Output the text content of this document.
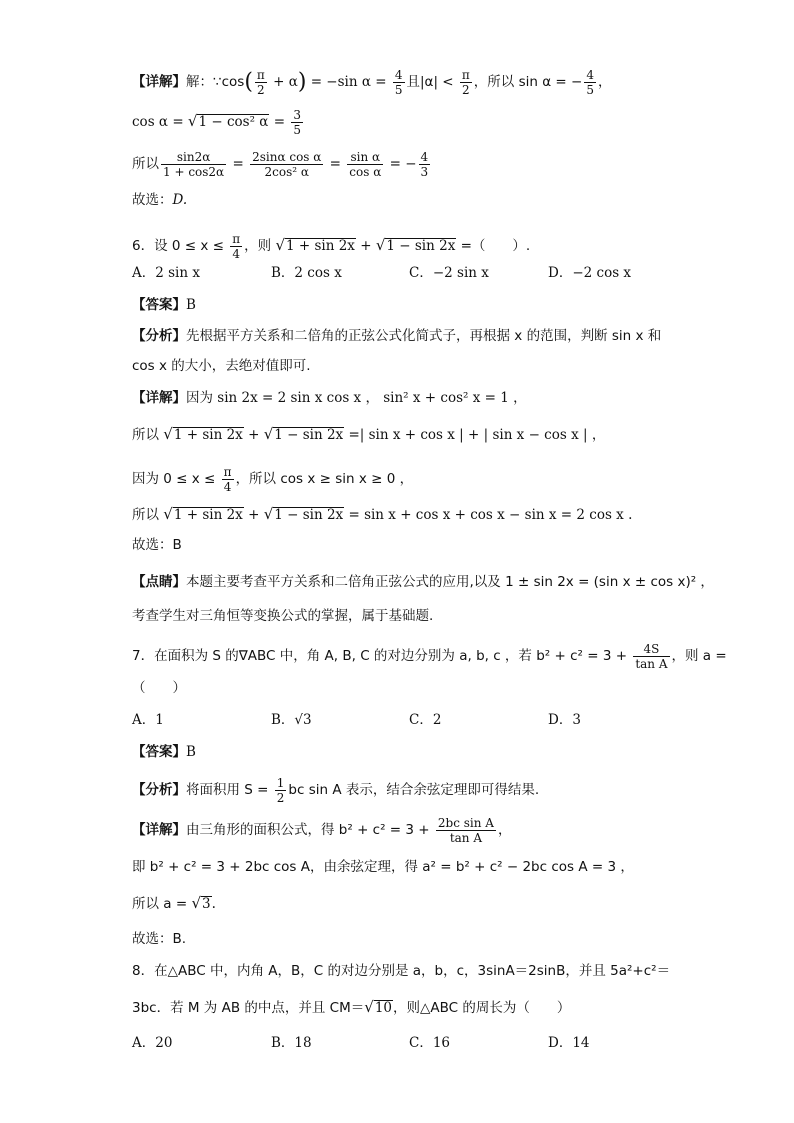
【详解】解：∵cos( $\frac{\pi}{2} + \alpha) = -\sin$ $\alpha = \frac{4}{5}$ 且$|\alpha| < \frac{\pi}{2}$ ，所以 sin α = − $\frac{4}{5}$ ，
cos α = √1 − cos² $\alpha = \frac{3}{5}$
所以 $\frac{\sin 2\alpha}{1 + \cos 2\alpha} = \frac{\text{2sinα cos α}}{\text{2cos² α}} = \frac{\text{sin α}}{\text{cos α}}$ = − $\frac{4}{3}$
故选：D.
6．设 $0 \le x \le \frac{\pi}{4}$ ，则 √1 + sin 2x + √1 − sin 2x =（　　）.
A．2 sin x	B．2 cos x	C．−2 sin x	D．−2 cos x
【答案】B
【分析】先根据平方关系和二倍角的正弦公式化简式子，再根据 x 的范围，判断 sin x 和
cos x 的大小，去绝对值即可.
【详解】因为 sin 2x = 2 sin x cos x ， sin² x + cos² x = 1 ，
所以 √1 + sin 2x + √1 − sin 2x =| sin x + cos x | + | sin x − cos x | ，
因为 $0 \le x \le \frac{\pi}{4}$ ，所以 cos x ≥ sin x ≥ 0 ，
所以 √1 + sin 2x + √1 − sin 2x = sin x + cos x + cos x − sin x = 2 cos x .
故选：B
【点睛】本题主要考查平方关系和二倍角正弦公式的应用,以及 1 ± sin 2x = (sin x ± cos x)² ，
考查学生对三角恒等变换公式的掌握，属于基础题.
7．在面积为 S 的∇ABC 中，角 A, B, C 的对边分别为 a, b, c ，若 $b^2 + c^2 = 3 + \frac{4S}{\text{tan A}}$ ，则 a =
（　　）
A．1	B．√3	C．2	D．3
【答案】B
【分析】将面积用 $S = \frac{1}{2}$ bc sin A 表示，结合余弦定理即可得结果.
【详解】由三角形的面积公式，得 $b^2 + c^2 = 3 + \frac{\text{2bc sin A}}{\text{tan A}}$ ，
即 b² + c² = 3 + 2bc cos A，由余弦定理，得 a² = b² + c² − 2bc cos A = 3 ，
所以 a = √3.
故选：B.
8．在△ABC 中，内角 A，B，C 的对边分别是 a，b，c，3sinA＝2sinB，并且 5a²+c²＝
3bc．若 M 为 AB 的中点，并且 CM＝√10，则△ABC 的周长为（　　）
A．20	B．18	C．16	D．14
